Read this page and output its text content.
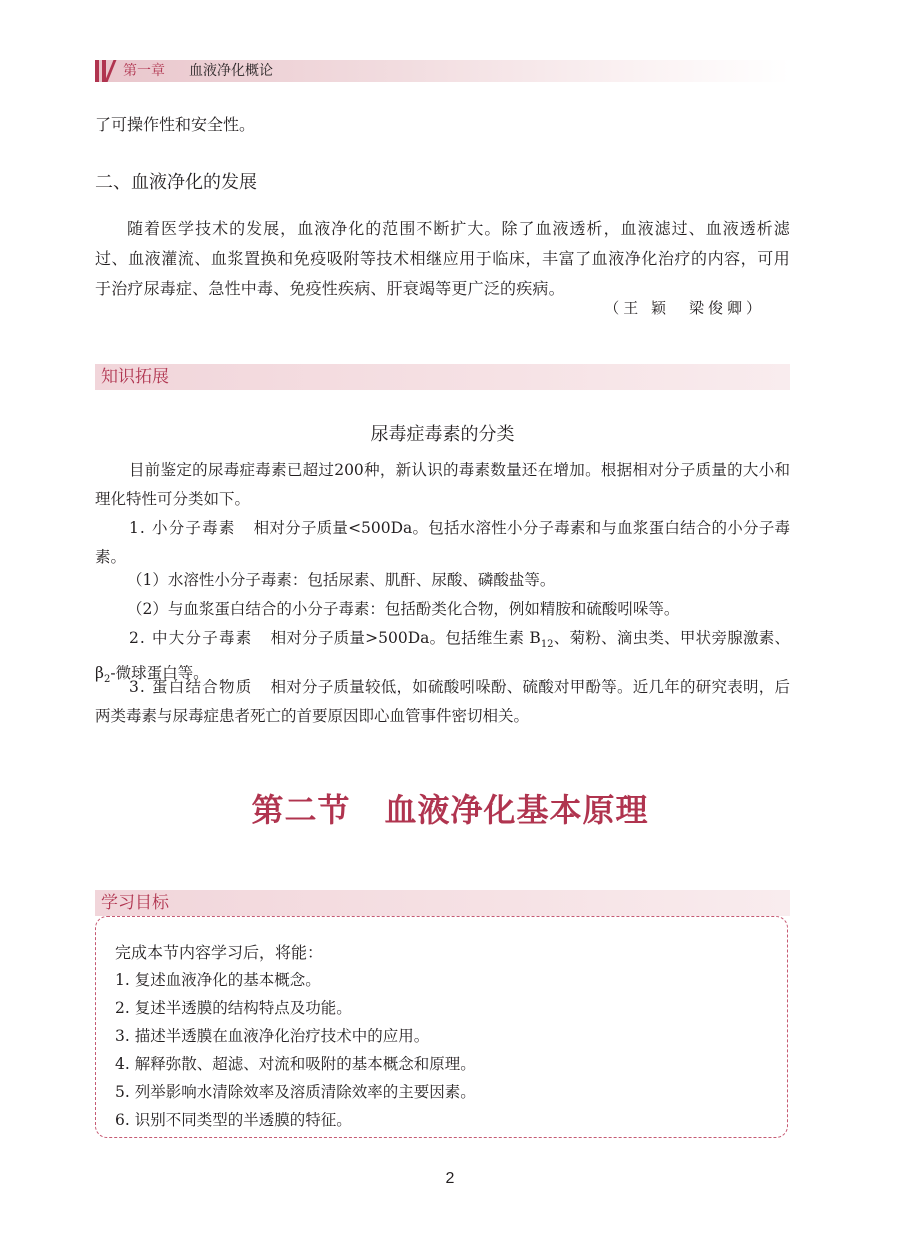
第一章 血液净化概论

了可操作性和安全性。

二、血液净化的发展

随着医学技术的发展，血液净化的范围不断扩大。除了血液透析，血液滤过、血液透析滤过、血液灌流、血浆置换和免疫吸附等技术相继应用于临床，丰富了血液净化治疗的内容，可用于治疗尿毒症、急性中毒、免疫性疾病、肝衰竭等更广泛的疾病。

（王 颖　梁俊卿）
知识拓展
尿毒症毒素的分类

目前鉴定的尿毒症毒素已超过200种，新认识的毒素数量还在增加。根据相对分子质量的大小和理化特性可分类如下。

1. 小分子毒素 相对分子质量<500Da。包括水溶性小分子毒素和与血浆蛋白结合的小分子毒素。

（1）水溶性小分子毒素：包括尿素、肌酐、尿酸、磷酸盐等。

（2）与血浆蛋白结合的小分子毒素：包括酚类化合物，例如精胺和硫酸吲哚等。

2. 中大分子毒素 相对分子质量>500Da。包括维生素 $B_{12}$、菊粉、滴虫类、甲状旁腺激素、$\beta_2-$微球蛋白等。

3. 蛋白结合物质 相对分子质量较低，如硫酸吲哚酚、硫酸对甲酚等。近几年的研究表明，后两类毒素与尿毒症患者死亡的首要原因即心血管事件密切相关。

第二节 血液净化基本原理
学习目标
完成本节内容学习后，将能：
1. 复述血液净化的基本概念。
2. 复述半透膜的结构特点及功能。
3. 描述半透膜在血液净化治疗技术中的应用。
4. 解释弥散、超滤、对流和吸附的基本概念和原理。
5. 列举影响水清除效率及溶质清除效率的主要因素。
6. 识别不同类型的半透膜的特征。
2
